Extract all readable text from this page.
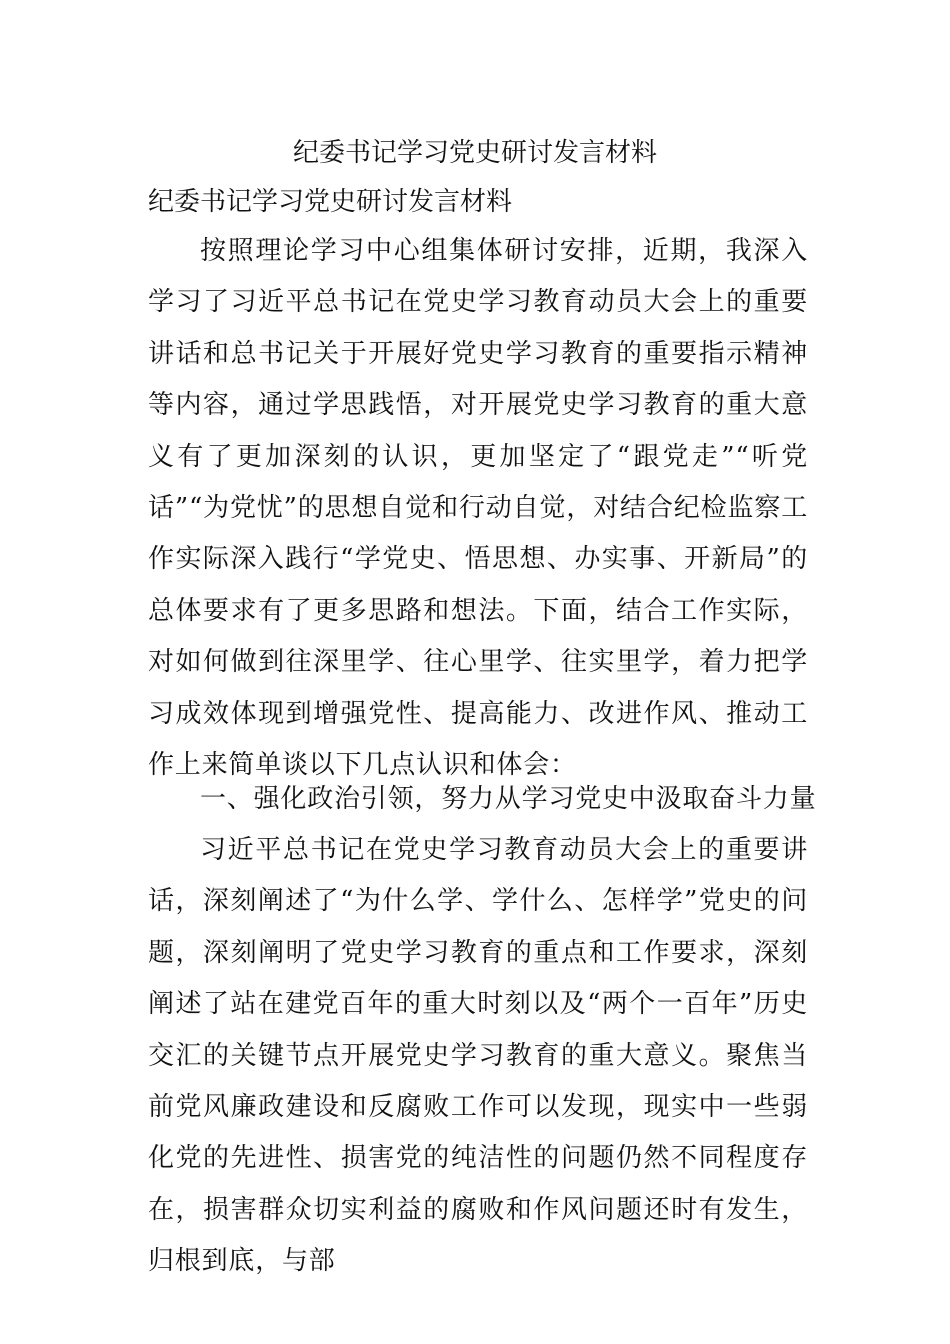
纪委书记学习党史研讨发言材料
纪委书记学习党史研讨发言材料

按照理论学习中心组集体研讨安排，近期，我深入学习了习近平总书记在党史学习教育动员大会上的重要讲话和总书记关于开展好党史学习教育的重要指示精神等内容，通过学思践悟，对开展党史学习教育的重大意义有了更加深刻的认识，更加坚定了“跟党走”“听党话”“为党忧”的思想自觉和行动自觉，对结合纪检监察工作实际深入践行“学党史、悟思想、办实事、开新局”的总体要求有了更多思路和想法。下面，结合工作实际，对如何做到往深里学、往心里学、往实里学，着力把学习成效体现到增强党性、提高能力、改进作风、推动工作上来简单谈以下几点认识和体会：

一、强化政治引领，努力从学习党史中汲取奋斗力量

习近平总书记在党史学习教育动员大会上的重要讲话，深刻阐述了“为什么学、学什么、怎样学”党史的问题，深刻阐明了党史学习教育的重点和工作要求，深刻阐述了站在建党百年的重大时刻以及“两个一百年”历史交汇的关键节点开展党史学习教育的重大意义。聚焦当前党风廉政建设和反腐败工作可以发现，现实中一些弱化党的先进性、损害党的纯洁性的问题仍然不同程度存在，损害群众切实利益的腐败和作风问题还时有发生，归根到底，与部
